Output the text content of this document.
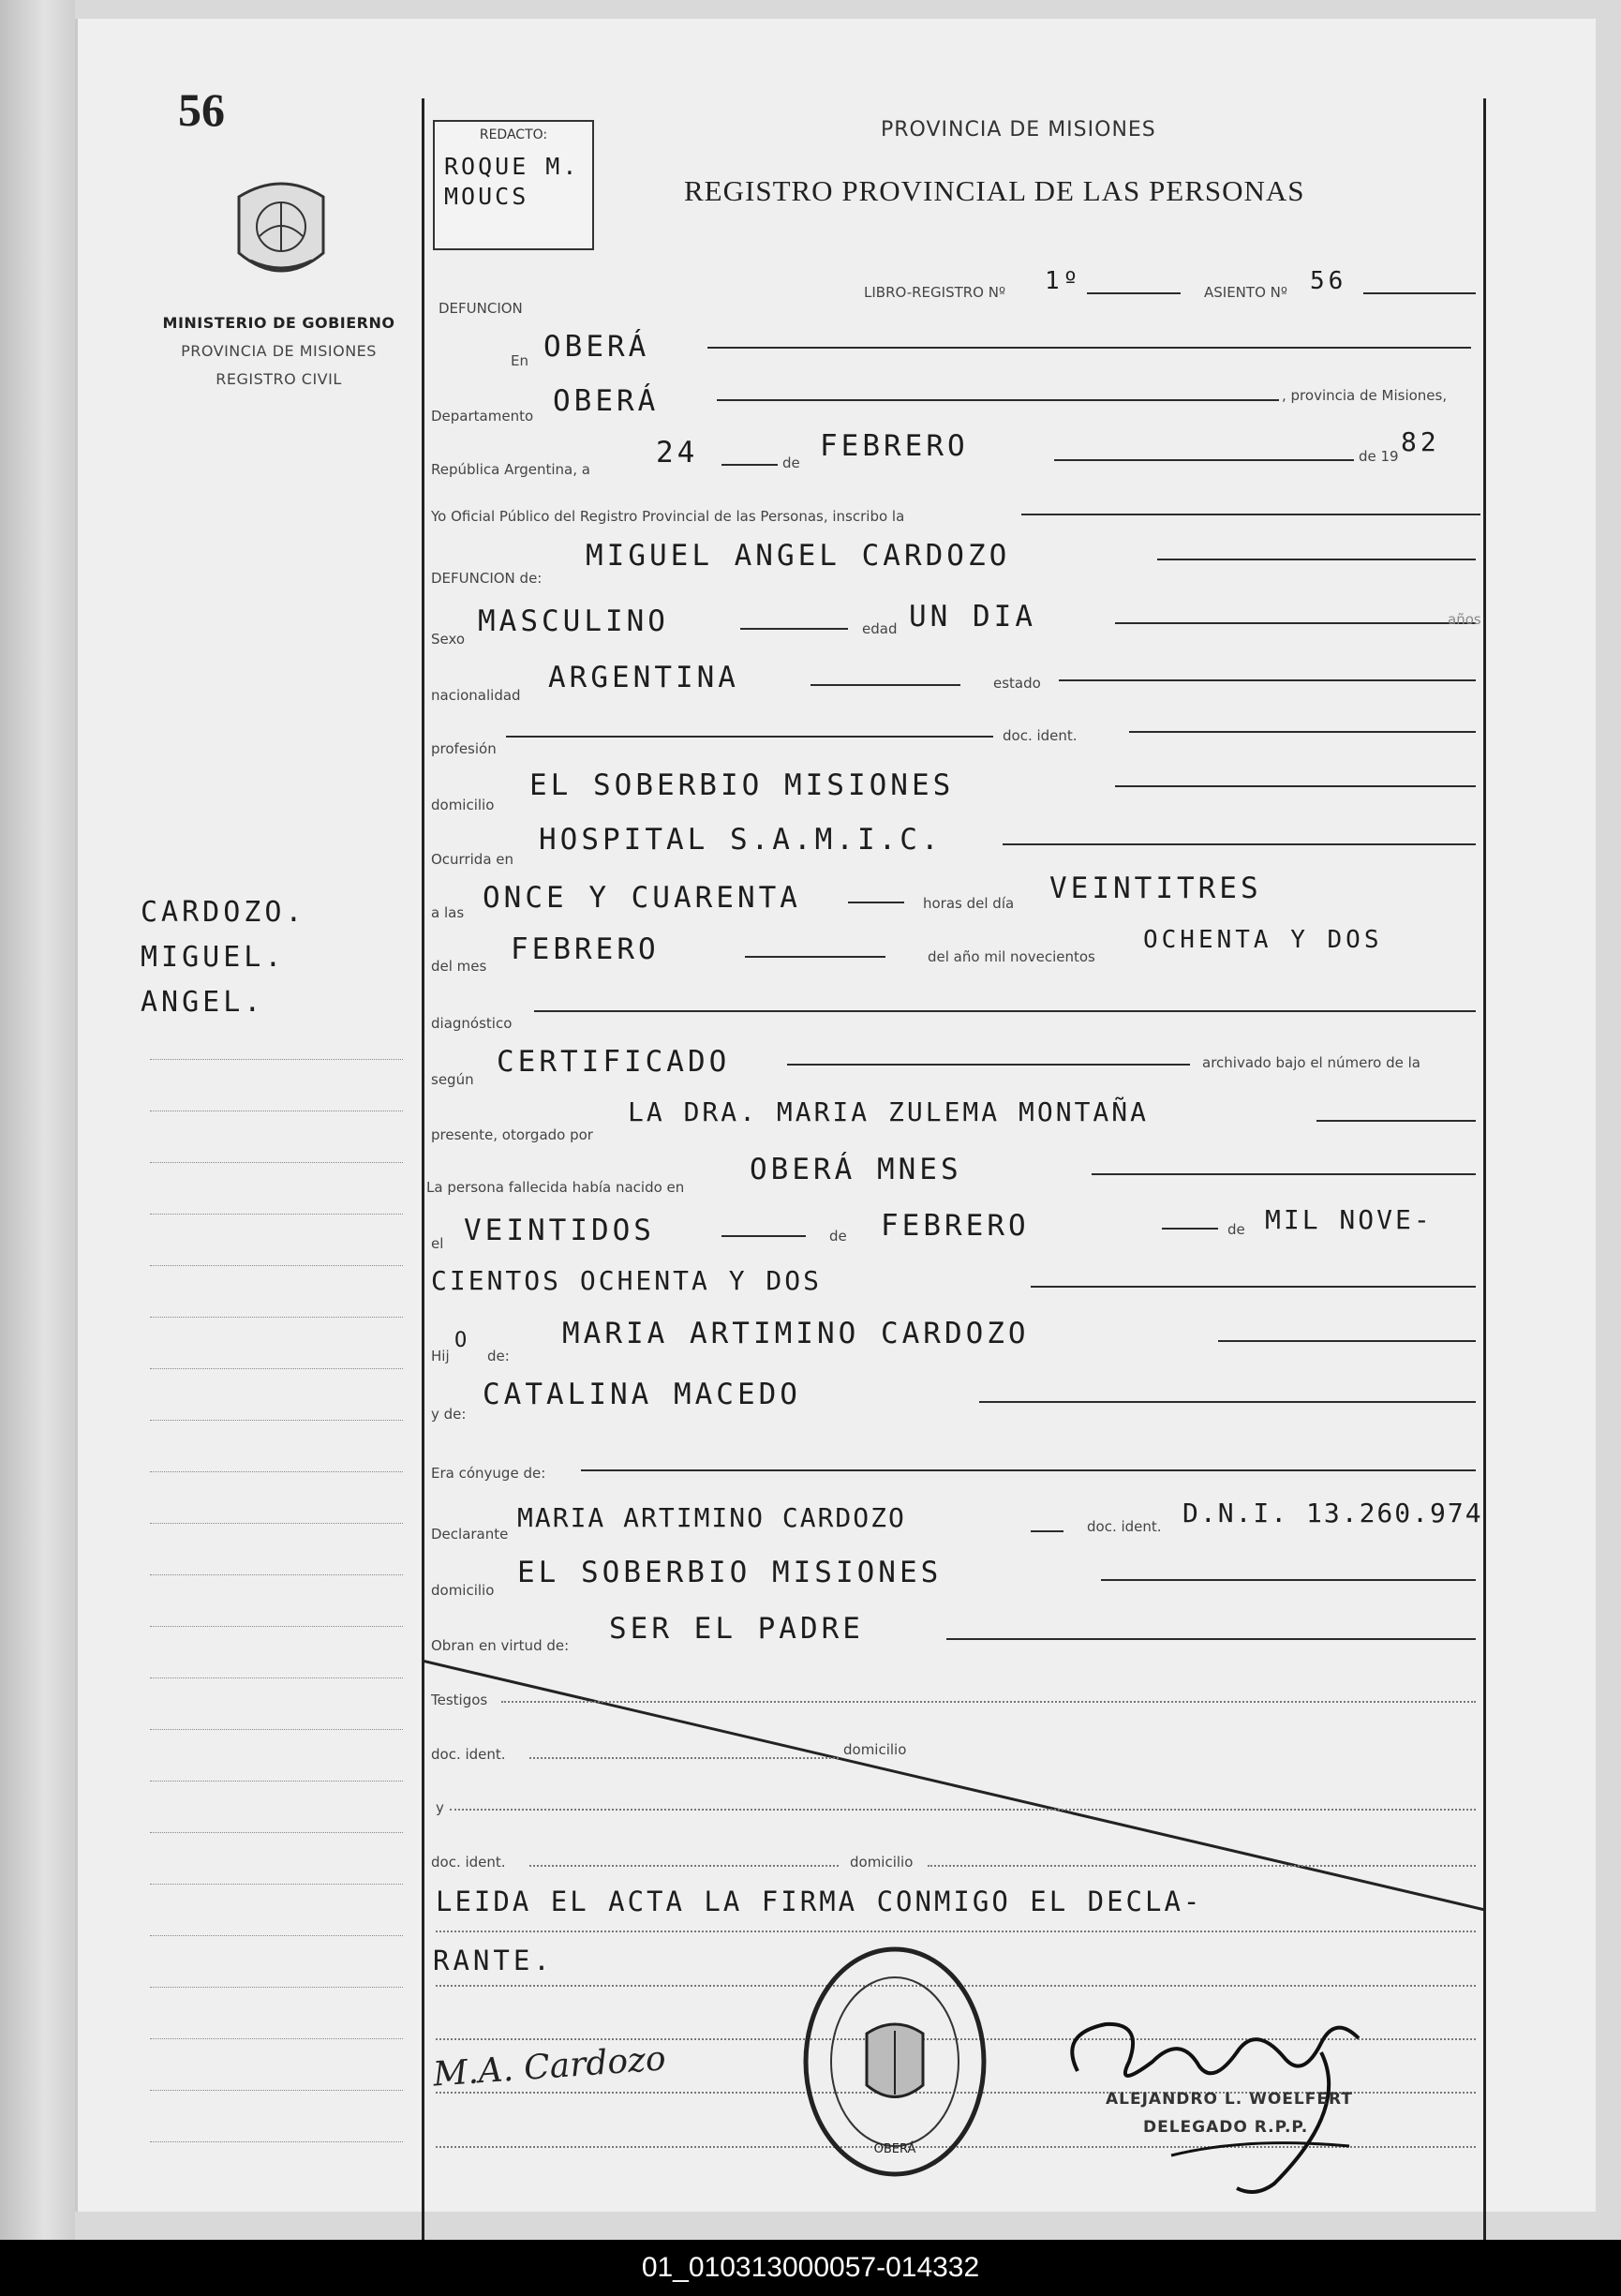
56
MINISTERIO DE GOBIERNO
PROVINCIA DE MISIONES
REGISTRO CIVIL
REDACTO:
ROQUE M. MOUCS
PROVINCIA DE MISIONES
REGISTRO PROVINCIAL DE LAS PERSONAS
LIBRO-REGISTRO Nº 1º	ASIENTO Nº 56
DEFUNCION
En OBERÁ
Departamento OBERÁ	, provincia de Misiones,
República Argentina, a 24	de FEBRERO	de 19 82
Yo Oficial Público del Registro Provincial de las Personas, inscribo la
DEFUNCION de:
MIGUEL ANGEL CARDOZO
Sexo
MASCULINO	edad UN DIA	años
nacionalidad
ARGENTINA	estado
profesión
doc. ident.
domicilio
EL SOBERBIO MISIONES
Ocurrida en
HOSPITAL S.A.M.I.C.
a las ONCE Y CUARENTA	horas del día VEINTITRES
del mes FEBRERO	del año mil novecientos
OCHENTA Y DOS
diagnóstico
según
CERTIFICADO	archivado bajo el número de la
presente, otorgado por
LA DRA. MARIA ZULEMA MONTAÑA
La persona fallecida había nacido en
OBERÁ MNES
el VEINTIDOS	de FEBRERO	de MIL NOVE-
CIENTOS OCHENTA Y DOS
Hij
O
de:
MARIA ARTIMINO CARDOZO
y de:
CATALINA MACEDO
Era cónyuge de:
Declarante
MARIA ARTIMINO CARDOZO	doc. ident. D.N.I. 13.260.974
domicilio
EL SOBERBIO MISIONES
Obran en virtud de: SER EL PADRE
Testigos
doc. ident.	domicilio
y
doc. ident.	domicilio
LEIDA EL ACTA LA FIRMA CONMIGO EL DECLA-
RANTE.
M.A. Cardozo
OBERÁ
ALEJANDRO L. WOELFERT
DELEGADO R.P.P.
CARDOZO.
MIGUEL.
ANGEL.
01_010313000057-014332
